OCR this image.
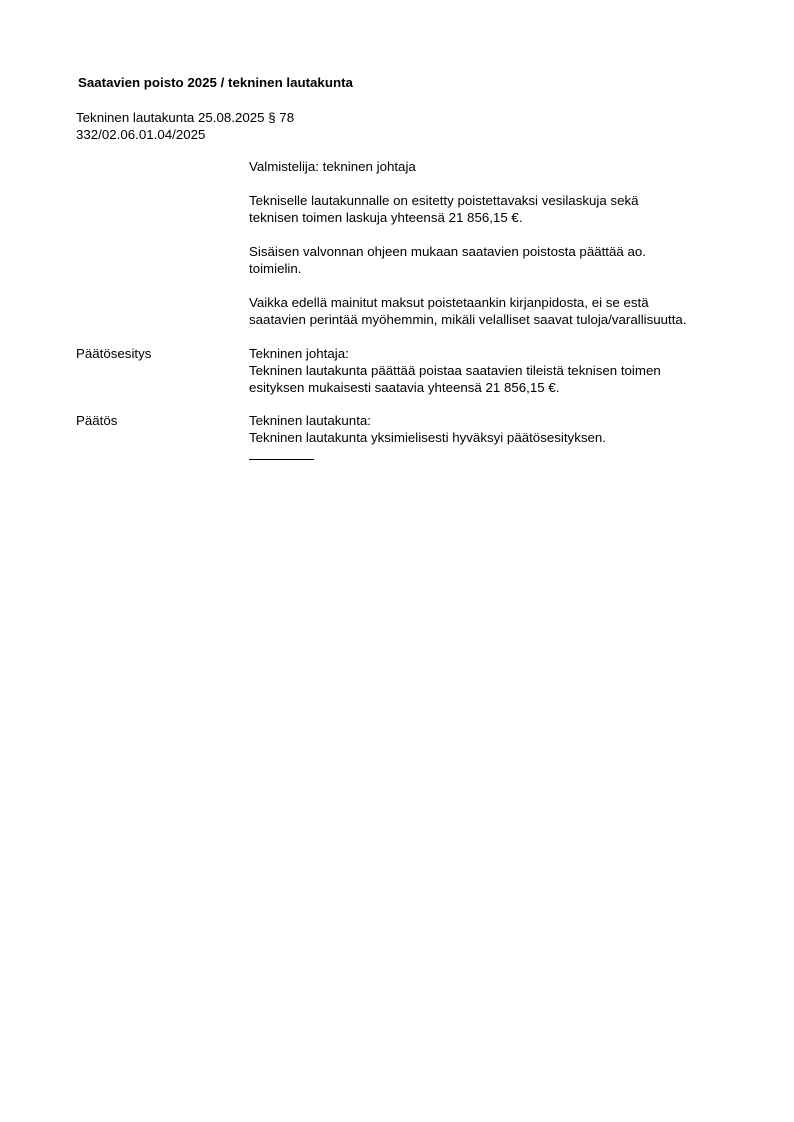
Saatavien poisto 2025 / tekninen lautakunta
Tekninen lautakunta 25.08.2025 § 78
332/02.06.01.04/2025
Valmistelija: tekninen johtaja
Tekniselle lautakunnalle on esitetty poistettavaksi vesilaskuja sekä
teknisen toimen laskuja yhteensä 21 856,15 €.
Sisäisen valvonnan ohjeen mukaan saatavien poistosta päättää ao.
toimielin.
Vaikka edellä mainitut maksut poistetaankin kirjanpidosta, ei se estä
saatavien perintää myöhemmin, mikäli velalliset saavat tuloja/varallisuutta.
Päätösesitys	Tekninen johtaja:
Tekninen lautakunta päättää poistaa saatavien tileistä teknisen toimen
esityksen mukaisesti saatavia yhteensä 21 856,15 €.
Päätös	Tekninen lautakunta:
Tekninen lautakunta yksimielisesti hyväksyi päätösesityksen.
